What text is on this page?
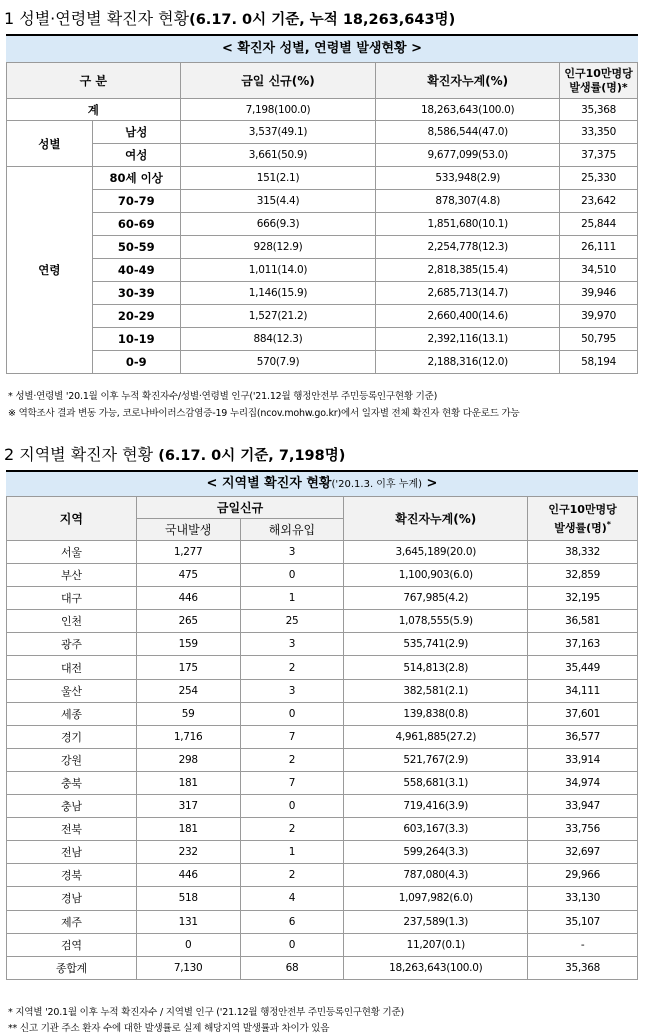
1 성별·연령별 확진자 현황(6.17. 0시 기준, 누적 18,263,643명)
< 확진자 성별, 연령별 발생현황 >
구 분		금일 신규(%)	확진자누계(%)	인구10만명당
발생률(명)*
계		7,198(100.0)	18,263,643(100.0)	35,368
성별	남성	3,537(49.1)	8,586,544(47.0)	33,350
	여성	3,661(50.9)	9,677,099(53.0)	37,375
연령	80세 이상	151(2.1)	533,948(2.9)	25,330
	70-79	315(4.4)	878,307(4.8)	23,642
	60-69	666(9.3)	1,851,680(10.1)	25,844
	50-59	928(12.9)	2,254,778(12.3)	26,111
	40-49	1,011(14.0)	2,818,385(15.4)	34,510
	30-39	1,146(15.9)	2,685,713(14.7)	39,946
	20-29	1,527(21.2)	2,660,400(14.6)	39,970
	10-19	884(12.3)	2,392,116(13.1)	50,795
	0-9	570(7.9)	2,188,316(12.0)	58,194
* 성별·연령별 '20.1월 이후 누적 확진자수/성별·연령별 인구('21.12월 행정안전부 주민등록인구현황 기준)
※ 역학조사 결과 변동 가능, 코로나바이러스감염증-19 누리집(ncov.mohw.go.kr)에서 일자별 전체 확진자 현황 다운로드 가능
2 지역별 확진자 현황 (6.17. 0시 기준, 7,198명)
< 지역별 확진자 현황('20.1.3. 이후 누계) >
지역	금일신규		확진자누계(%)	인구10만명당
발생률(명)*
	국내발생	해외유입		
서울	1,277	3	3,645,189(20.0)	38,332
부산	475	0	1,100,903(6.0)	32,859
대구	446	1	767,985(4.2)	32,195
인천	265	25	1,078,555(5.9)	36,581
광주	159	3	535,741(2.9)	37,163
대전	175	2	514,813(2.8)	35,449
울산	254	3	382,581(2.1)	34,111
세종	59	0	139,838(0.8)	37,601
경기	1,716	7	4,961,885(27.2)	36,577
강원	298	2	521,767(2.9)	33,914
충북	181	7	558,681(3.1)	34,974
충남	317	0	719,416(3.9)	33,947
전북	181	2	603,167(3.3)	33,756
전남	232	1	599,264(3.3)	32,697
경북	446	2	787,080(4.3)	29,966
경남	518	4	1,097,982(6.0)	33,130
제주	131	6	237,589(1.3)	35,107
검역	0	0	11,207(0.1)	-
종합계	7,130	68	18,263,643(100.0)	35,368
* 지역별 '20.1월 이후 누적 확진자수 / 지역별 인구 ('21.12월 행정안전부 주민등록인구현황 기준)
** 신고 기관 주소 환자 수에 대한 발생률로 실제 해당지역 발생률과 차이가 있음
